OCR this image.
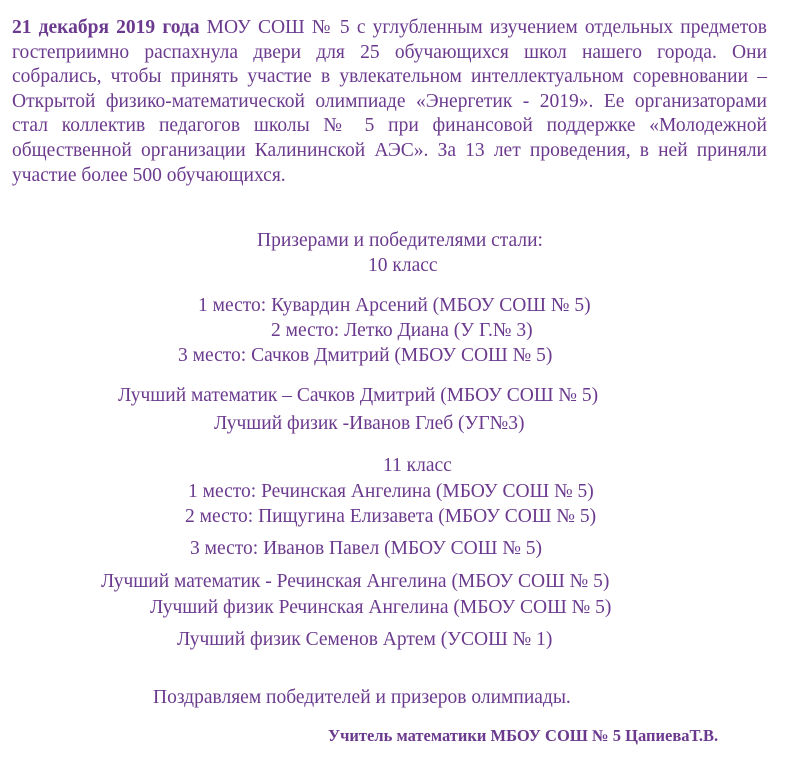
21 декабря 2019 года МОУ СОШ № 5 с углубленным изучением отдельных предметов гостеприимно распахнула двери для 25 обучающихся школ нашего города. Они собрались, чтобы принять участие в увлекательном интеллектуальном соревновании – Открытой физико-математической олимпиаде «Энергетик - 2019». Ее организаторами стал коллектив педагогов школы № 5 при финансовой поддержке «Молодежной общественной организации Калининской АЭС». За 13 лет проведения, в ней приняли участие более 500 обучающихся.

Призерами и победителями стали:
10 класс
1 место: Кувардин Арсений (МБОУ СОШ № 5)
2 место: Летко Диана (У Г.№ 3)
3 место: Сачков Дмитрий (МБОУ СОШ № 5)
Лучший математик – Сачков Дмитрий (МБОУ СОШ № 5)
Лучший физик -Иванов Глеб (УГ№3)
11 класс
1 место: Речинская Ангелина (МБОУ СОШ № 5)
2 место: Пищугина Елизавета (МБОУ СОШ № 5)
3 место: Иванов Павел (МБОУ СОШ № 5)
Лучший математик - Речинская Ангелина (МБОУ СОШ № 5)
Лучший физик Речинская Ангелина (МБОУ СОШ № 5)
Лучший физик Семенов Артем (УСОШ № 1)
Поздравляем победителей и призеров олимпиады.
Учитель математики МБОУ СОШ № 5 ЦапиеваТ.В.
